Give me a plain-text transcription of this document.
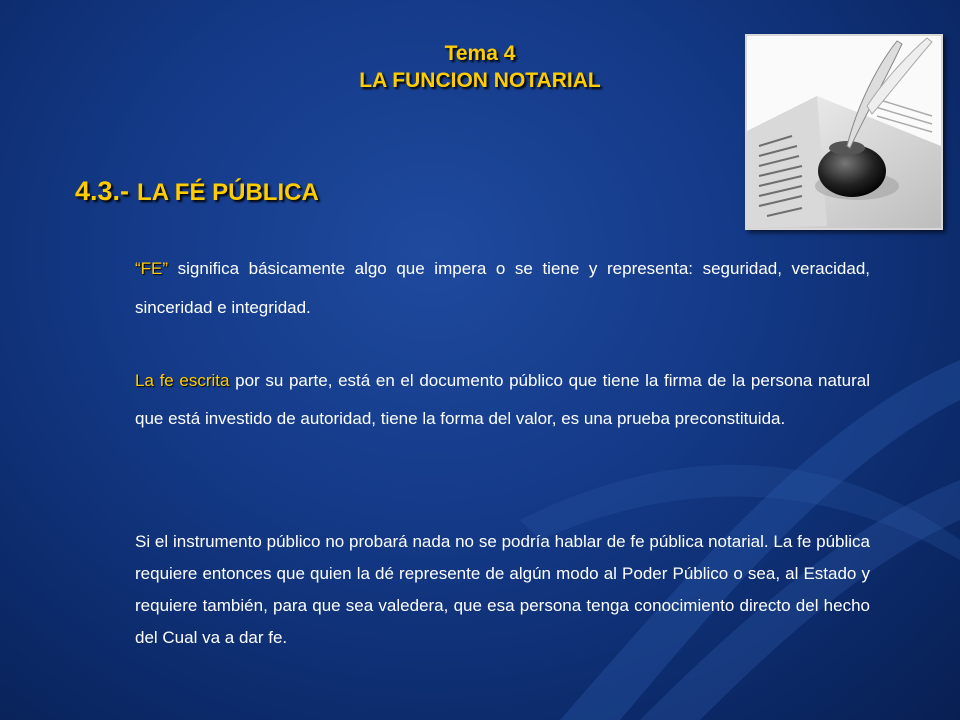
Tema 4
LA FUNCION NOTARIAL
4.3.- LA FÉ PÚBLICA

“FE” significa básicamente algo que impera o se tiene y representa: seguridad, veracidad, sinceridad e integridad.

La fe escrita por su parte, está en el documento público que tiene la firma de la persona natural que está investido de autoridad, tiene la forma del valor, es una prueba preconstituida.

Si el instrumento público no probará nada no se podría hablar de fe pública notarial. La fe pública requiere entonces que quien la dé represente de algún modo al Poder Público o sea, al Estado y requiere también, para que sea valedera, que esa persona tenga conocimiento directo del hecho del Cual va a dar fe.
